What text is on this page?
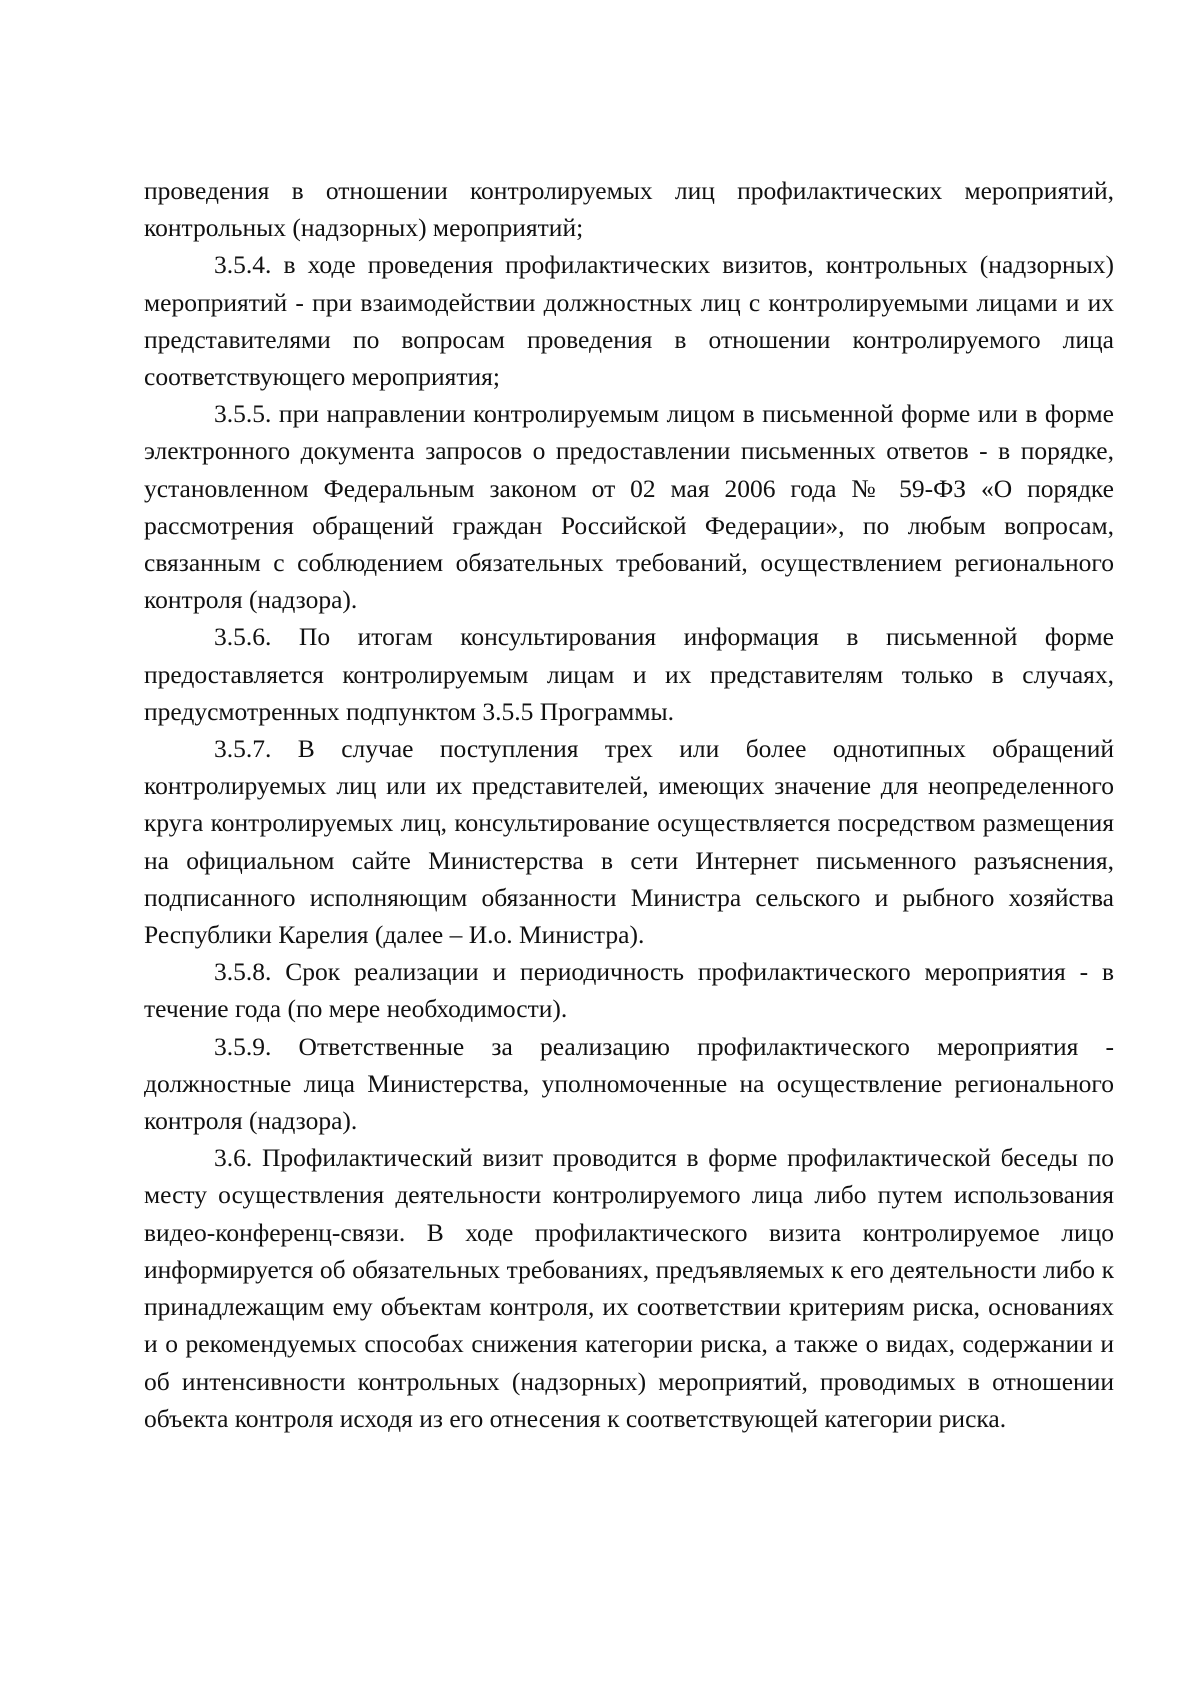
проведения в отношении контролируемых лиц профилактических мероприятий, контрольных (надзорных) мероприятий;

3.5.4. в ходе проведения профилактических визитов, контрольных (надзорных) мероприятий - при взаимодействии должностных лиц с контролируемыми лицами и их представителями по вопросам проведения в отношении контролируемого лица соответствующего мероприятия;

3.5.5. при направлении контролируемым лицом в письменной форме или в форме электронного документа запросов о предоставлении письменных ответов - в порядке, установленном Федеральным законом от 02 мая 2006 года № 59-ФЗ «О порядке рассмотрения обращений граждан Российской Федерации», по любым вопросам, связанным с соблюдением обязательных требований, осуществлением регионального контроля (надзора).

3.5.6. По итогам консультирования информация в письменной форме предоставляется контролируемым лицам и их представителям только в случаях, предусмотренных подпунктом 3.5.5 Программы.

3.5.7. В случае поступления трех или более однотипных обращений контролируемых лиц или их представителей, имеющих значение для неопределенного круга контролируемых лиц, консультирование осуществляется посредством размещения на официальном сайте Министерства в сети Интернет письменного разъяснения, подписанного исполняющим обязанности Министра сельского и рыбного хозяйства Республики Карелия (далее – И.о. Министра).

3.5.8. Срок реализации и периодичность профилактического мероприятия - в течение года (по мере необходимости).

3.5.9. Ответственные за реализацию профилактического мероприятия - должностные лица Министерства, уполномоченные на осуществление регионального контроля (надзора).

3.6. Профилактический визит проводится в форме профилактической беседы по месту осуществления деятельности контролируемого лица либо путем использования видео-конференц-связи. В ходе профилактического визита контролируемое лицо информируется об обязательных требованиях, предъявляемых к его деятельности либо к принадлежащим ему объектам контроля, их соответствии критериям риска, основаниях и о рекомендуемых способах снижения категории риска, а также о видах, содержании и об интенсивности контрольных (надзорных) мероприятий, проводимых в отношении объекта контроля исходя из его отнесения к соответствующей категории риска.
